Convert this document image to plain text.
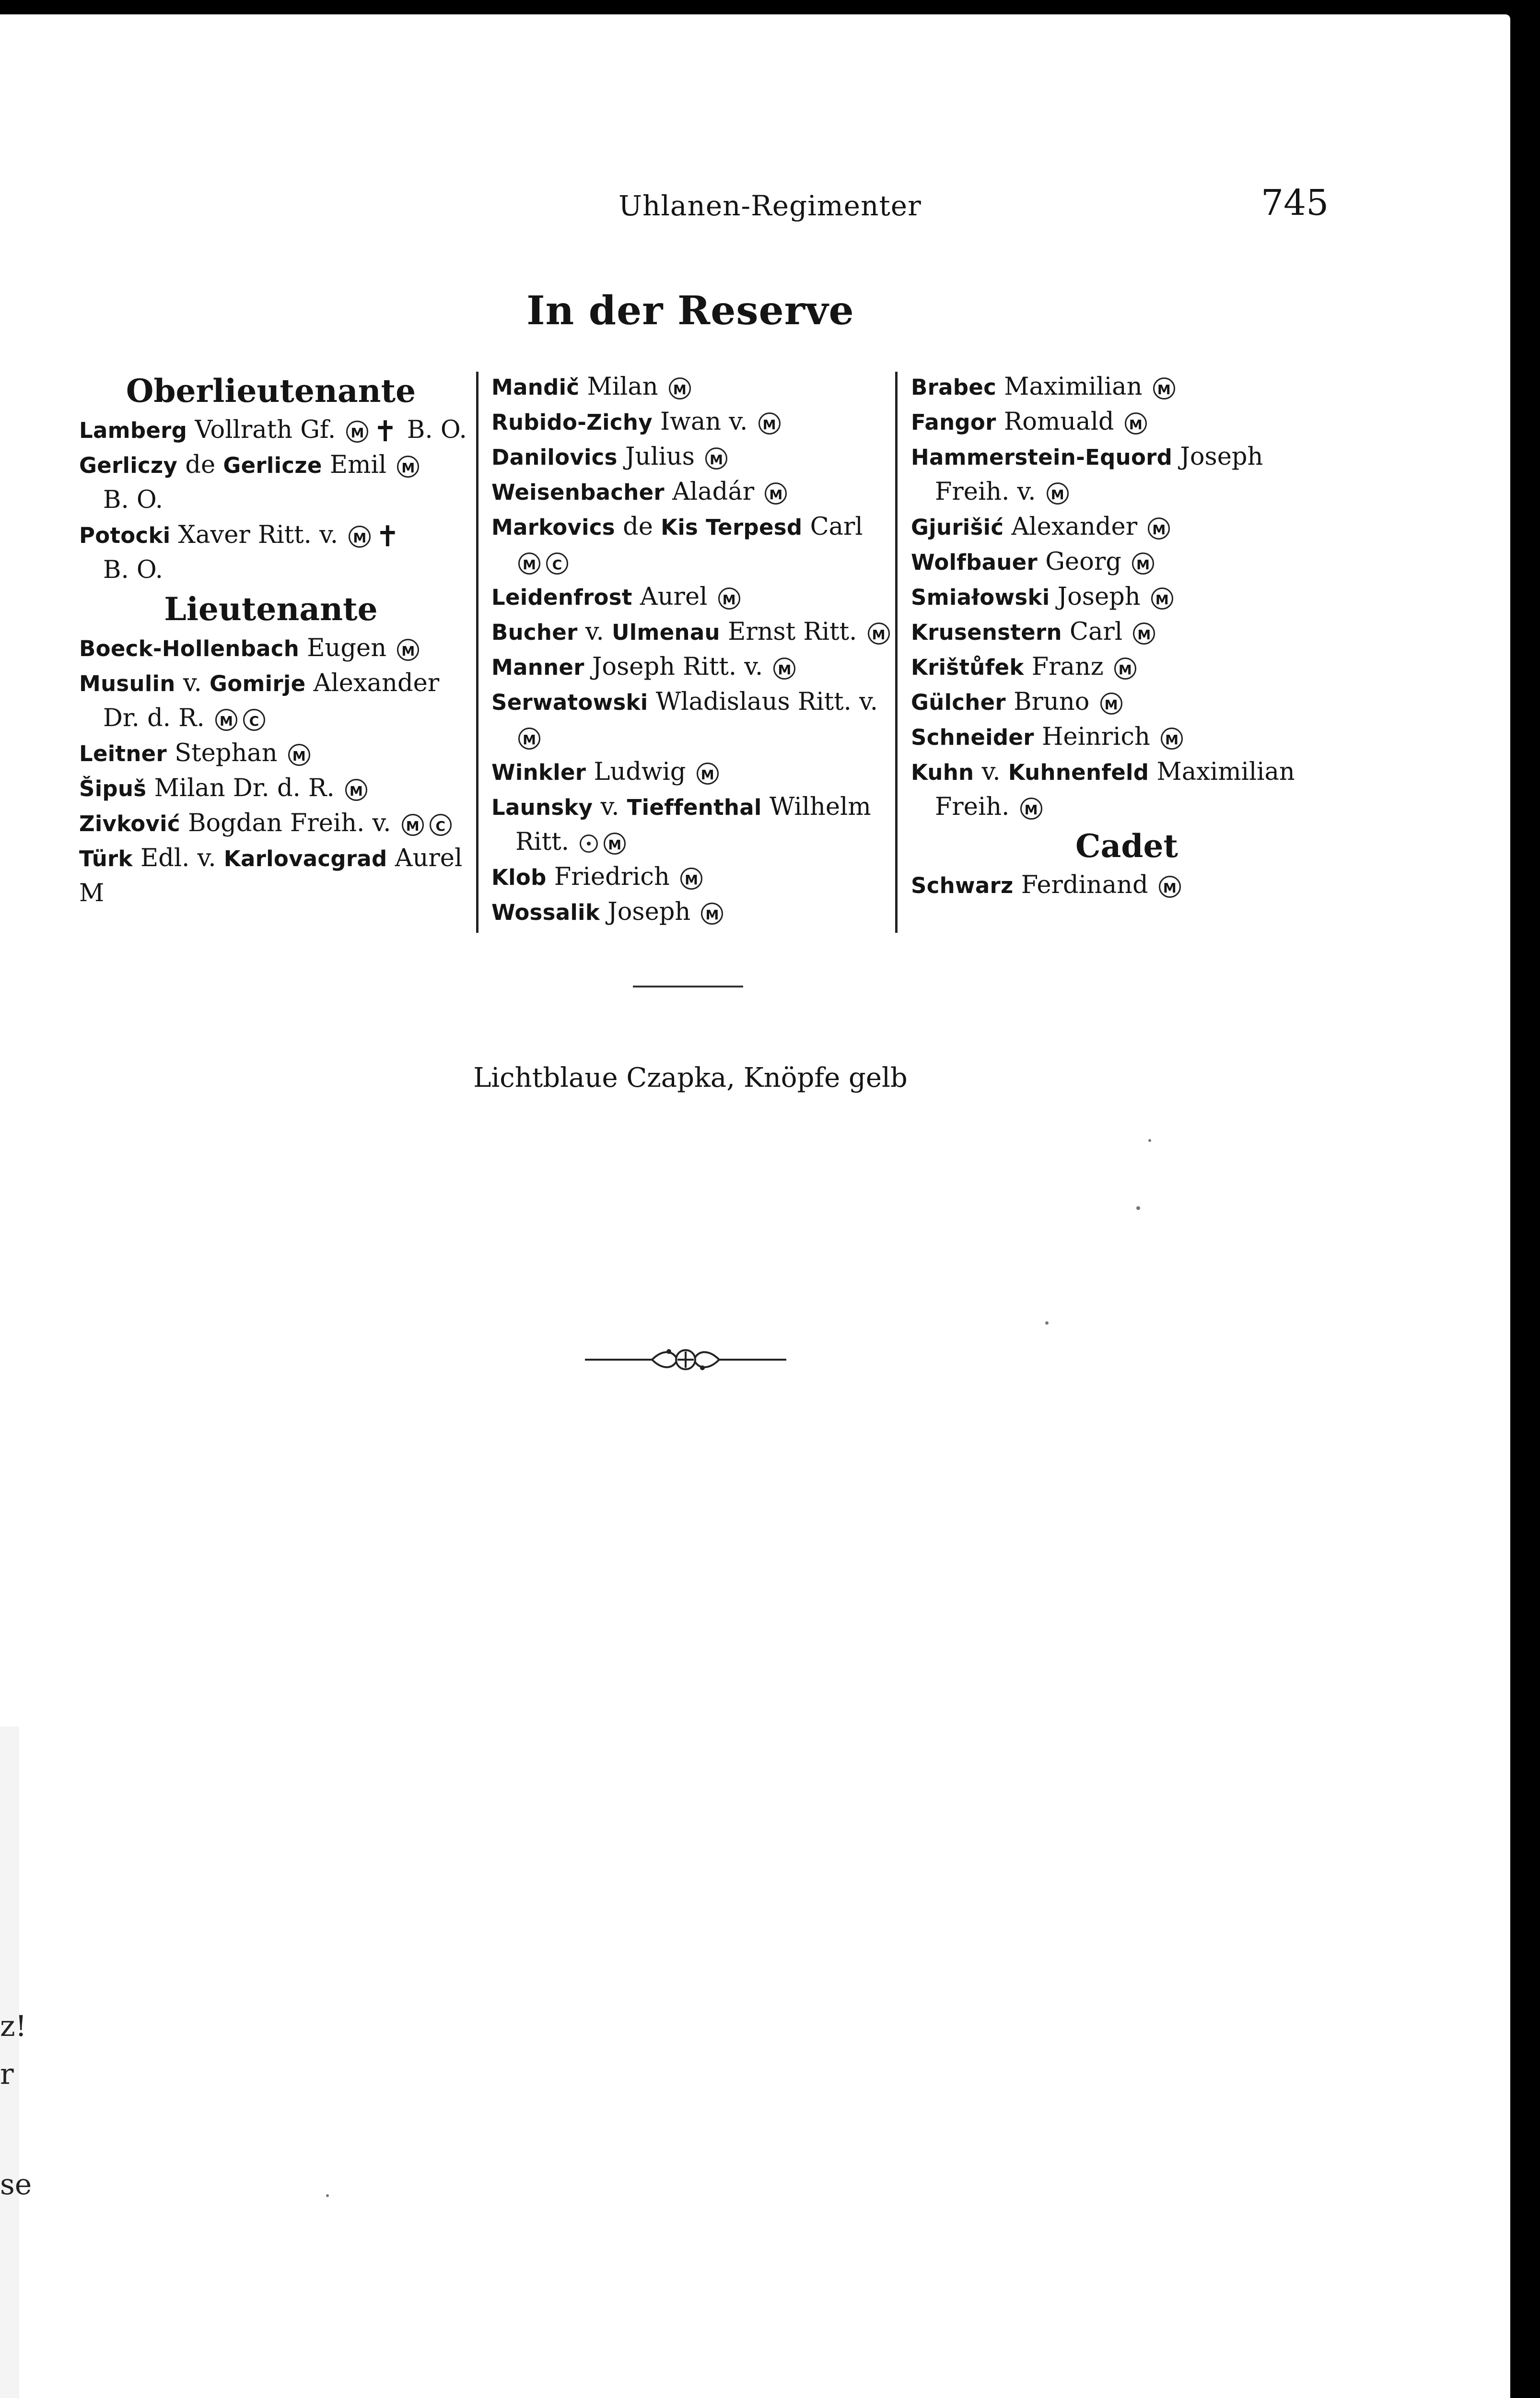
z!
r
se
Uhlanen-Regimenter	745
In der Reserve
Oberlieutenante
Lamberg Vollrath Gf. M ✝ B. O.
Gerliczy de Gerlicze Emil M
B. O.
Potocki Xaver Ritt. v. M ✝
B. O.
Lieutenante
Boeck-Hollenbach Eugen M
Musulin v. Gomirje Alexander
Dr. d. R. M C
Leitner Stephan M
Šipuš Milan Dr. d. R. M
Zivković Bogdan Freih. v. M C
Türk Edl. v. Karlovacgrad Aurel
M
Mandič Milan M
Rubido-Zichy Iwan v. M
Danilovics Julius M
Weisenbacher Aladár M
Markovics de Kis Terpesd Carl
M C
Leidenfrost Aurel M
Bucher v. Ulmenau Ernst Ritt. M
Manner Joseph Ritt. v. M
Serwatowski Wladislaus Ritt. v.
M
Winkler Ludwig M
Launsky v. Tieffenthal Wilhelm
Ritt. M
Klob Friedrich M
Wossalik Joseph M
Brabec Maximilian M
Fangor Romuald M
Hammerstein-Equord Joseph
Freih. v. M
Gjurišić Alexander M
Wolfbauer Georg M
Smiałowski Joseph M
Krusenstern Carl M
Krištůfek Franz M
Gülcher Bruno M
Schneider Heinrich M
Kuhn v. Kuhnenfeld Maximilian
Freih. M
Cadet
Schwarz Ferdinand M
Lichtblaue Czapka, Knöpfe gelb
